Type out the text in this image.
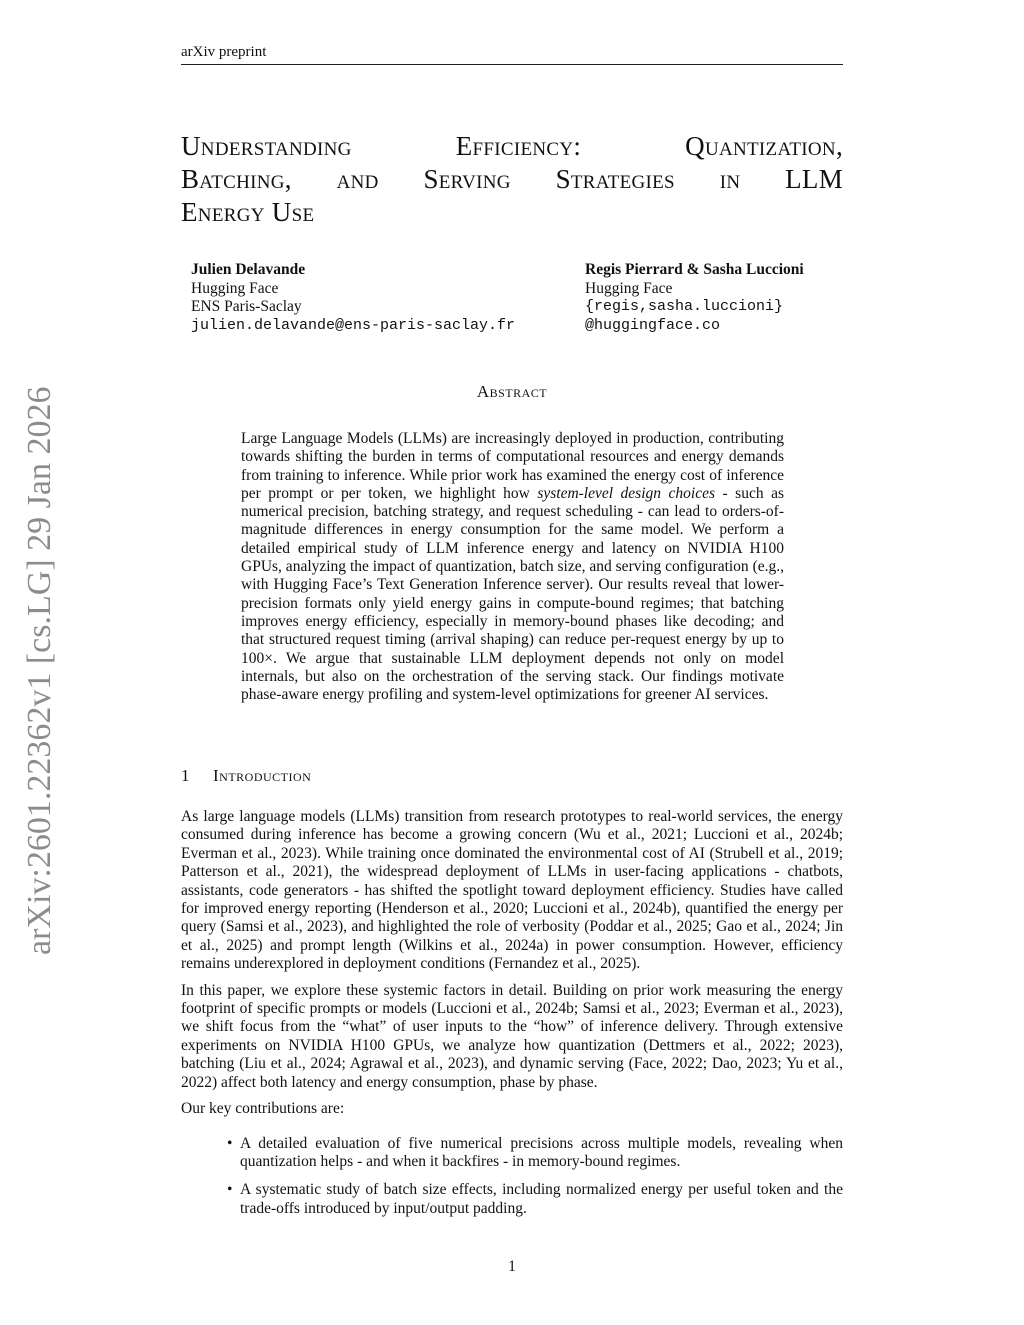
arXiv preprint
arXiv:2601.22362v1 [cs.LG] 29 Jan 2026
Understanding Efficiency: Quantization,
Batching, and Serving Strategies in LLM
Energy Use
Julien Delavande
Hugging Face
ENS Paris-Saclay
julien.delavande@ens-paris-saclay.fr
Regis Pierrard & Sasha Luccioni
Hugging Face
{regis,sasha.luccioni}
@huggingface.co
Abstract
Large Language Models (LLMs) are increasingly deployed in production, contributing towards shifting the burden in terms of computational resources and energy demands from training to inference. While prior work has examined the energy cost of inference per prompt or per token, we highlight how system-level design choices - such as numerical precision, batching strategy, and request scheduling - can lead to orders-of-magnitude differences in energy consumption for the same model. We perform a detailed empirical study of LLM inference energy and latency on NVIDIA H100 GPUs, analyzing the impact of quantization, batch size, and serving configuration (e.g., with Hugging Face’s Text Generation Inference server). Our results reveal that lower-precision formats only yield energy gains in compute-bound regimes; that batching improves energy efficiency, especially in memory-bound phases like decoding; and that structured request timing (arrival shaping) can reduce per-request energy by up to 100×. We argue that sustainable LLM deployment depends not only on model internals, but also on the orchestration of the serving stack. Our findings motivate phase-aware energy profiling and system-level optimizations for greener AI services.
1 Introduction

As large language models (LLMs) transition from research prototypes to real-world services, the energy consumed during inference has become a growing concern (Wu et al., 2021; Luccioni et al., 2024b; Everman et al., 2023). While training once dominated the environmental cost of AI (Strubell et al., 2019; Patterson et al., 2021), the widespread deployment of LLMs in user-facing applications - chatbots, assistants, code generators - has shifted the spotlight toward deployment efficiency. Studies have called for improved energy reporting (Henderson et al., 2020; Luccioni et al., 2024b), quantified the energy per query (Samsi et al., 2023), and highlighted the role of verbosity (Poddar et al., 2025; Gao et al., 2024; Jin et al., 2025) and prompt length (Wilkins et al., 2024a) in power consumption. However, efficiency remains underexplored in deployment conditions (Fernandez et al., 2025).

In this paper, we explore these systemic factors in detail. Building on prior work measuring the energy footprint of specific prompts or models (Luccioni et al., 2024b; Samsi et al., 2023; Everman et al., 2023), we shift focus from the “what” of user inputs to the “how” of inference delivery. Through extensive experiments on NVIDIA H100 GPUs, we analyze how quantization (Dettmers et al., 2022; 2023), batching (Liu et al., 2024; Agrawal et al., 2023), and dynamic serving (Face, 2022; Dao, 2023; Yu et al., 2022) affect both latency and energy consumption, phase by phase.

Our key contributions are:

• A detailed evaluation of five numerical precisions across multiple models, revealing when quantization helps - and when it backfires - in memory-bound regimes.
• A systematic study of batch size effects, including normalized energy per useful token and the trade-offs introduced by input/output padding.
1
